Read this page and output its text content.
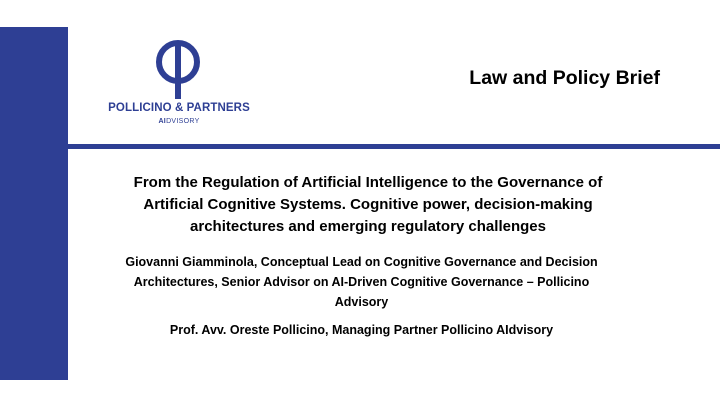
POLLICINO & PARTNERS
AIDVISORY
Law and Policy Brief
From the Regulation of Artificial Intelligence to the Governance of Artificial Cognitive Systems. Cognitive power, decision-making architectures and emerging regulatory challenges
Giovanni Giamminola, Conceptual Lead on Cognitive Governance and Decision Architectures, Senior Advisor on AI-Driven Cognitive Governance – Pollicino Advisory
Prof. Avv. Oreste Pollicino, Managing Partner Pollicino AIdvisory
